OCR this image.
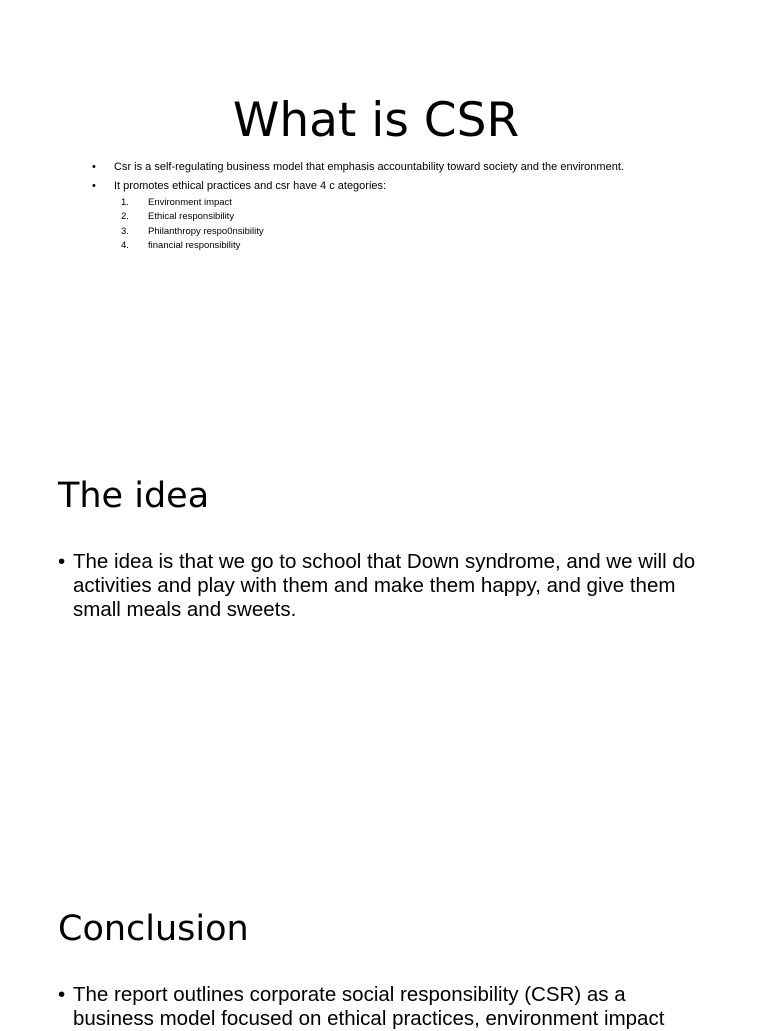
What is CSR
• Csr is a self-regulating business model that emphasis accountability toward society and the environment.
• It promotes ethical practices and csr have 4 c ategories:
1. Environment impact
2. Ethical responsibility
3. Philanthropy respo0nsibility
4. financial responsibility
The idea
• The idea is that we go to school that Down syndrome, and we will do activities and play with them and make them happy, and give them small meals and sweets.
Conclusion
• The report outlines corporate social responsibility (CSR) as a business model focused on ethical practices, environment impact
